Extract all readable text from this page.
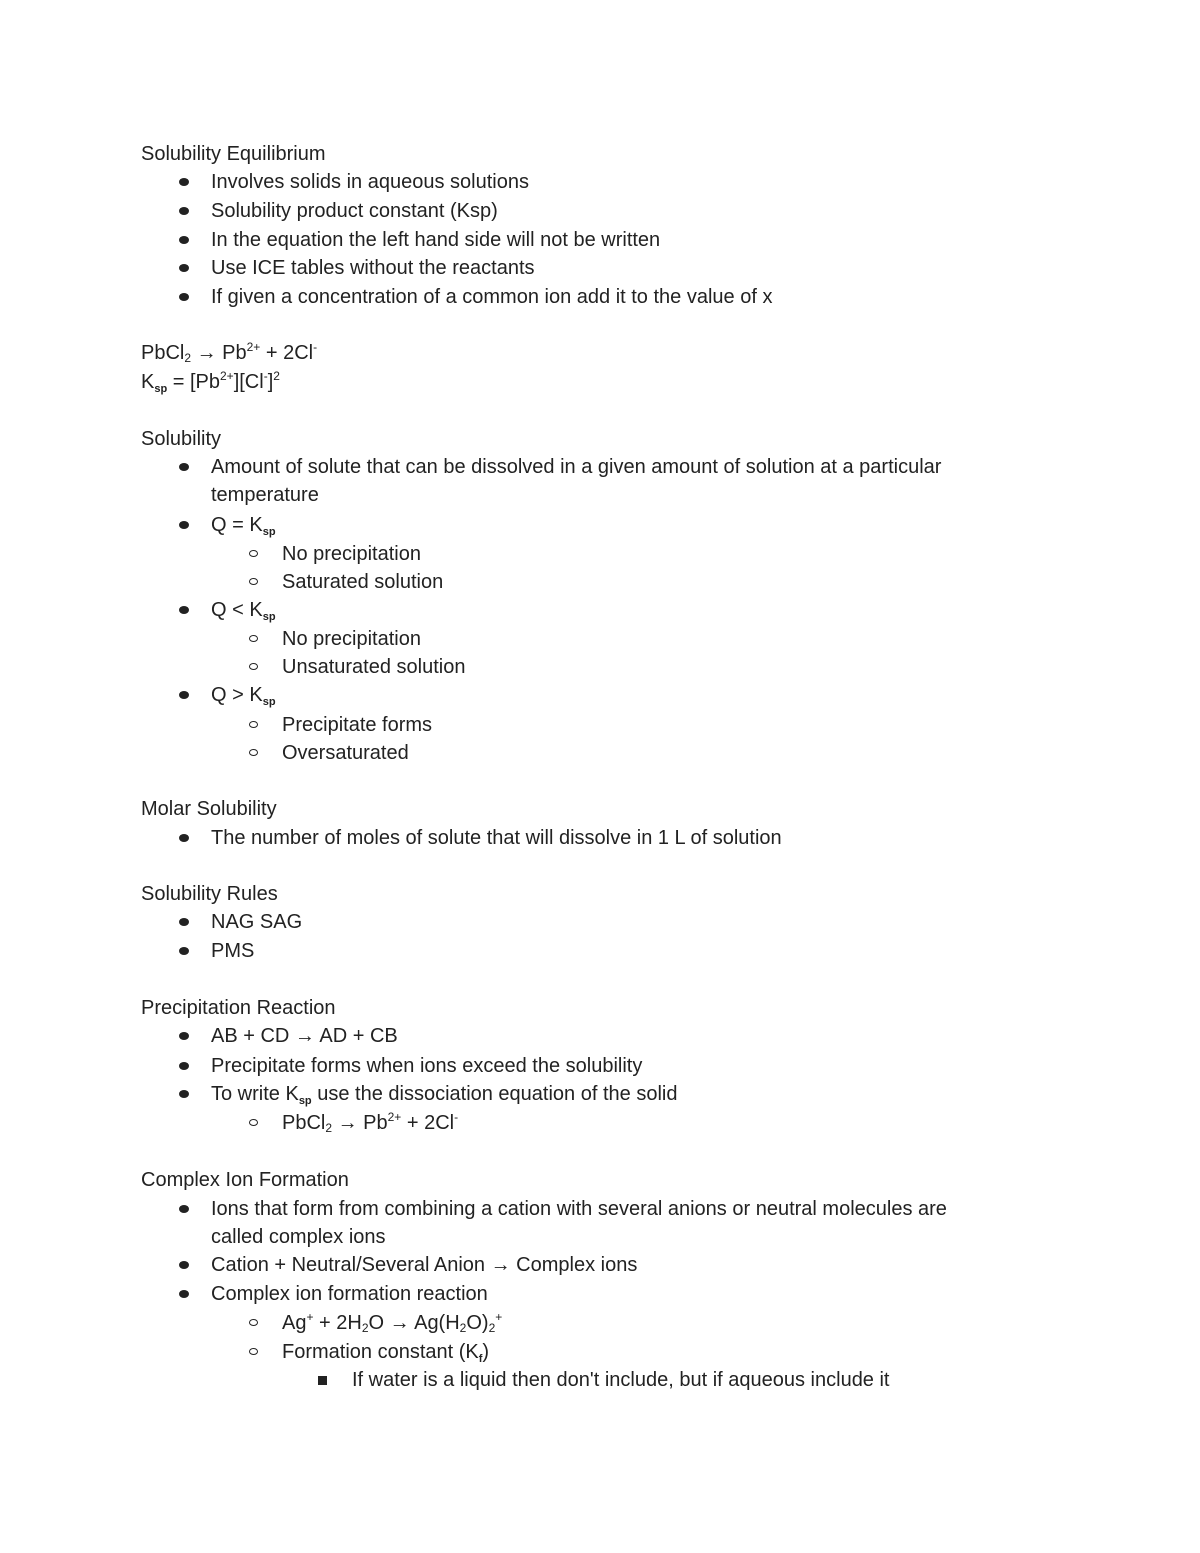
Solubility Equilibrium
Involves solids in aqueous solutions
Solubility product constant (Ksp)
In the equation the left hand side will not be written
Use ICE tables without the reactants
If given a concentration of a common ion add it to the value of x
PbCl$_2$ → $Pb^{2+} + 2Cl^-$
$K_{sp} = [Pb^{2+}][Cl^-]^2$
Solubility
Amount of solute that can be dissolved in a given amount of solution at a particular
temperature
$Q = K_{sp}$
No precipitation
Saturated solution
$Q < K_{sp}$
No precipitation
Unsaturated solution
$Q > K_{sp}$
Precipitate forms
Oversaturated
Molar Solubility
The number of moles of solute that will dissolve in 1 L of solution
Solubility Rules
NAG SAG
PMS
Precipitation Reaction
AB + CD → AD + CB
Precipitate forms when ions exceed the solubility
To write $K_{sp}$ use the dissociation equation of the solid
PbCl$_2$ → $Pb^{2+} + 2Cl^-$
Complex Ion Formation
Ions that form from combining a cation with several anions or neutral molecules are
called complex ions
Cation + Neutral/Several Anion → Complex ions
Complex ion formation reaction
$Ag^+ + 2H_2O \to Ag(H_2O)_2^+$
Formation constant $(K_f)$
If water is a liquid then don't include, but if aqueous include it
